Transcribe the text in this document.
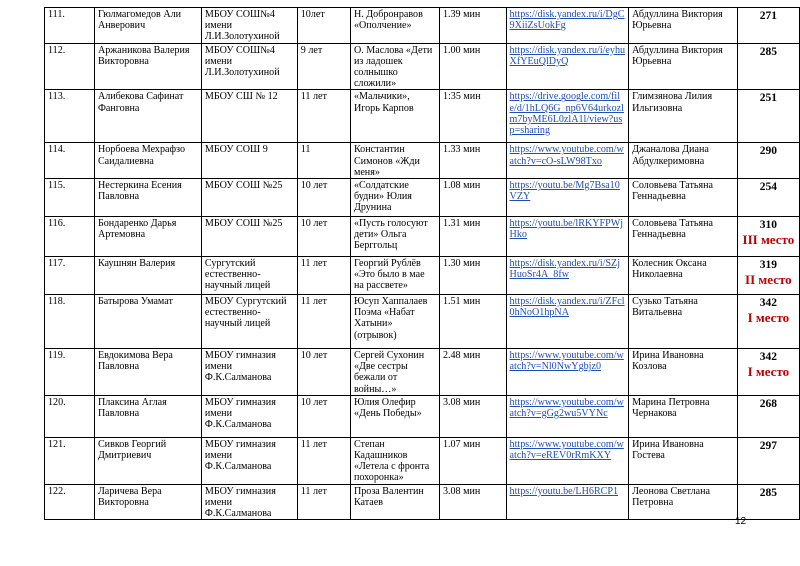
111.	Гюлмагомедов Али Анверович	МБОУ СОШ№4 имени Л.И.Золотухиной	10лет	Н. Добронравов «Ополчение»	1.39 мин	https://disk.yandex.ru/i/DgC9XiiZsUokFg	Абдуллина Виктория Юрьевна	271
112.	Аржаникова Валерия Викторовна	МБОУ СОШ№4 имени Л.И.Золотухиной	9 лет	О. Маслова «Дети из ладошек солнышко сложили»	1.00 мин	https://disk.yandex.ru/i/eyhuXfYEuQlDyQ	Абдуллина Виктория Юрьевна	285
113.	Алибекова Сафинат Фанговна	МБОУ СШ № 12	11 лет	«Мальчики», Игорь Карпов	1:35 мин	https://drive.google.com/file/d/1hLQ6G_np6V64urkozlm7byME6L0zlA1l/view?usp=sharing	Глимзянова Лилия Ильгизовна	251
114.	Норбоева Мехрафзо Саидалиевна	МБОУ СОШ 9	11	Константин Симонов «Жди меня»	1.33 мин	https://www.youtube.com/watch?v=cO-sLW98Txo	Джаналова Диана Абдулкеримовна	290
115.	Нестеркина Есения Павловна	МБОУ СОШ №25	10 лет	«Солдатские будни» Юлия Друнина	1.08 мин	https://youtu.be/Mg7Bsa10VZY	Соловьева Татьяна Геннадьевна	254
116.	Бондаренко Дарья Артемовна	МБОУ СОШ №25	10 лет	«Пусть голосуют дети» Ольга Берггольц	1.31 мин	https://youtu.be/lRKYFPWjHko	Соловьева Татьяна Геннадьевна	310
III место

117.	Каушнян Валерия	Сургутский естественно-научный лицей	11 лет	Георгий Рублёв «Это было в мае на рассвете»	1.30 мин	https://disk.yandex.ru/i/SZjHuoSr4A_8fw	Колесник Оксана Николаевна	319
II место

118.	Батырова Умамат	МБОУ Сургутский естественно-научный лицей	11 лет	Юсуп Хаппалаев Поэма «Набат Хатыни» (отрывок)	1.51 мин	https://disk.yandex.ru/i/ZFcl0hNoO1hpNA	Сузько Татьяна Витальевна	342
I место

119.	Евдокимова Вера Павловна	МБОУ гимназия имени Ф.К.Салманова	10 лет	Сергей Сухонин «Две сестры бежали от войны…»	2.48 мин	https://www.youtube.com/watch?v=Nl0NwYgbjz0	Ирина Ивановна Козлова	342
I место

120.	Плаксина Аглая Павловна	МБОУ гимназия имени Ф.К.Салманова	10 лет	Юлия Олефир «День Победы»	3.08 мин	https://www.youtube.com/watch?v=gGg2wu5VYNc	Марина Петровна Чернакова	268
121.	Сивков Георгий Дмитриевич	МБОУ гимназия имени Ф.К.Салманова	11 лет	Степан Кадашников «Летела с фронта похоронка»	1.07 мин	https://www.youtube.com/watch?v=eREV0rRmKXY	Ирина Ивановна Гостева	297
122.	Ларичева Вера Викторовна	МБОУ гимназия имени Ф.К.Салманова	11 лет	Проза Валентин Катаев	3.08 мин	https://youtu.be/LH6RCP1	Леонова Светлана Петровна	285
12
